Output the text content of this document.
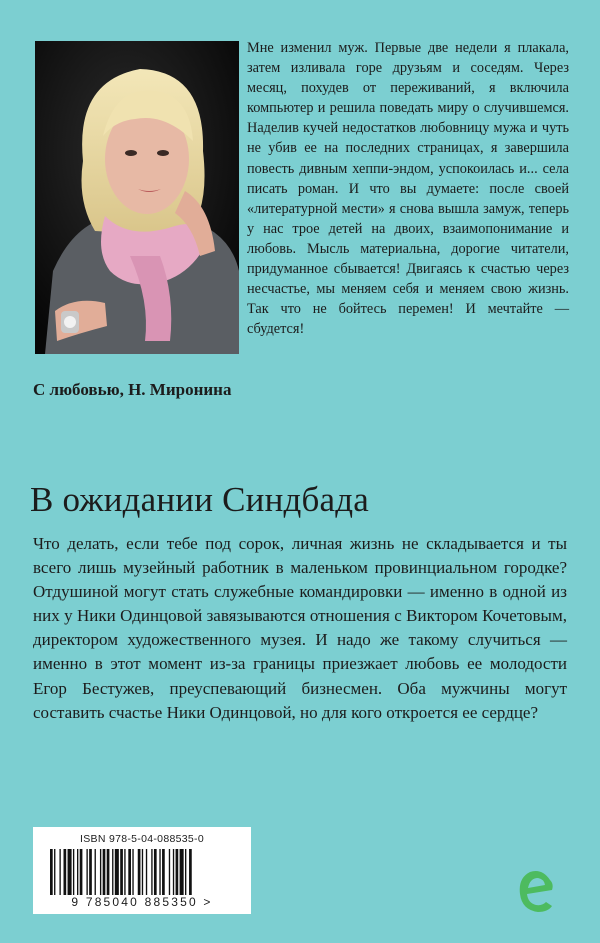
Мне изменил муж. Первые две недели я плакала, затем изливала горе друзьям и соседям. Через месяц, похудев от переживаний, я включила компьютер и решила поведать миру о случившемся. Наделив кучей недостатков любовницу мужа и чуть не убив ее на последних страницах, я завершила повесть дивным хеппи-эндом, успокоилась и... села писать роман. И что вы думаете: после своей «литературной мести» я снова вышла замуж, теперь у нас трое детей на двоих, взаимопонимание и любовь. Мысль материальна, дорогие читатели, придуманное сбывается! Двигаясь к счастью через несчастье, мы меняем себя и меняем свою жизнь. Так что не бойтесь перемен! И мечтайте — сбудется!

С любовью, Н. Миронина

В ожидании Синдбада

Что делать, если тебе под сорок, личная жизнь не складывается и ты всего лишь музейный работник в маленьком провинциальном городке? Отдушиной могут стать служебные командировки — именно в одной из них у Ники Одинцовой завязываются отношения с Виктором Кочетовым, директором художественного музея. И надо же такому случиться — именно в этот момент из-за границы приезжает любовь ее молодости Егор Бестужев, преуспевающий бизнесмен. Оба мужчины могут составить счастье Ники Одинцовой, но для кого откроется ее сердце?

ISBN 978-5-04-088535-0
9 785040 885350 >
